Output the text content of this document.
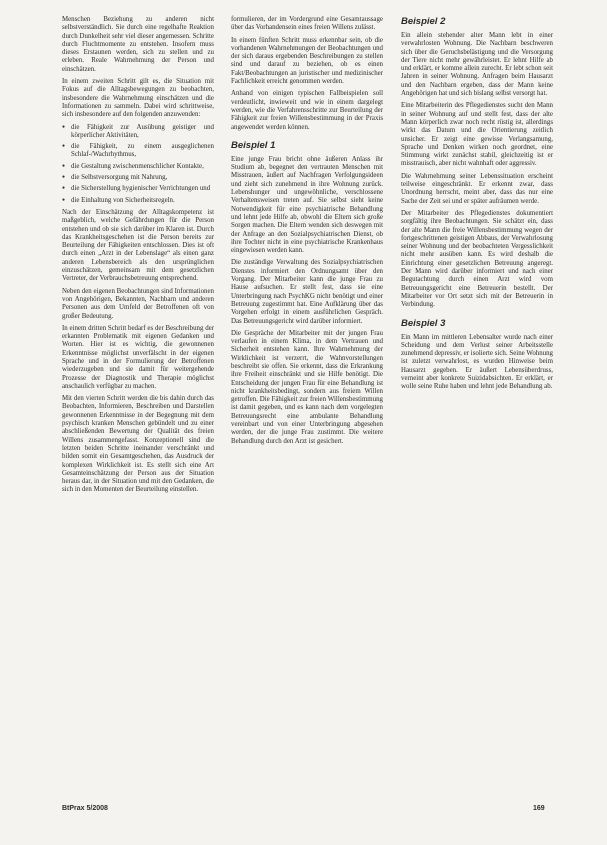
Menschen Beziehung zu anderen nicht selbstverständlich. Sie durch eine regelhafte Reaktion durch Dunkelheit sehr viel dieser angemessen. Schritte durch Fluchtmomente zu entstehen. Insofern muss dieses Erstaunen werden, sich zu stellen und zu erleben. Reale Wahrnehmung der Person und einschätzen.

In einem zweiten Schritt gilt es, die Situation mit Fokus auf die Alltagsbewegungen zu beobachten, insbesondere die Wahrnehmung einschätzen und die Informationen zu sammeln. Dabei wird schrittweise, sich insbesondere auf den folgenden anzuwenden:

● die Fähigkeit zur Ausübung geistiger und körperlicher Aktivitäten,
● die Fähigkeit, zu einem ausgeglichenen Schlaf-/Wachrhythmus,
● die Gestaltung zwischenmenschlicher Kontakte,
● die Selbstversorgung mit Nahrung,
● die Sicherstellung hygienischer Verrichtungen und
● die Einhaltung von Sicherheitsregeln.

Nach der Einschätzung der Alltagskompetenz ist maßgeblich, welche Gefährdungen für die Person entstehen und ob sie sich darüber im Klaren ist. Durch das Krankheitsgeschehen ist die Person bereits zur Beurteilung der Fähigkeiten entschlossen. Dies ist oft durch einen „Arzt in der Lebenslage“ als einen ganz anderen Lebensbereich als den ursprünglichen einzuschätzen, gemeinsam mit dem gesetzlichen Vertreter, der Verbrauchsbetreuung entsprechend.

Neben den eigenen Beobachtungen sind Informationen von Angehörigen, Bekannten, Nachbarn und anderen Personen aus dem Umfeld der Betroffenen oft von großer Bedeutung.

In einem dritten Schritt bedarf es der Beschreibung der erkannten Problematik mit eigenen Gedanken und Worten. Hier ist es wichtig, die gewonnenen Erkenntnisse möglichst unverfälscht in der eigenen Sprache und in der Formulierung der Betroffenen wiederzugeben und sie damit für weitergehende Prozesse der Diagnostik und Therapie möglichst anschaulich verfügbar zu machen.

Mit den vierten Schritt werden die bis dahin durch das Beobachten, Informieren, Beschreiben und Darstellen gewonnenen Erkenntnisse in der Begegnung mit dem psychisch kranken Menschen gebündelt und zu einer abschließenden Bewertung der Qualität des freien Willens zusammengefasst. Konzeptionell sind die letzten beiden Schritte ineinander verschränkt und bilden somit ein Gesamtgeschehen, das Ausdruck der komplexen Wirklichkeit ist. Es stellt sich eine Art Gesamteinschätzung der Person aus der Situation heraus dar, in der Situation und mit den Gedanken, die sich in den Momenten der Beurteilung einstellen.

formulieren, der im Vordergrund eine Gesamtaussage über das Vorhandensein eines freien Willens zulässt.

In einem fünften Schritt muss erkennbar sein, ob die vorhandenen Wahrnehmungen der Beobachtungen und der sich daraus ergebenden Beschreibungen zu stellen sind und darauf zu beziehen, ob es einen Fakt/Beobachtungen an juristischer und medizinischer Fachlichkeit erreicht genommen werden.

Anhand von einigen typischen Fallbeispielen soll verdeutlicht, inwieweit und wie in einem dargelegt werden, wie die Verfahrensschritte zur Beurteilung der Fähigkeit zur freien Willensbestimmung in der Praxis angewendet werden können.

Beispiel 1

Eine junge Frau bricht ohne äußeren Anlass ihr Studium ab, begegnet den vertrauten Menschen mit Misstrauen, äußert auf Nachfragen Verfolgungsideen und zieht sich zunehmend in ihre Wohnung zurück. Lebenshunger und ungewöhnliche, verschlossene Verhaltensweisen treten auf. Sie selbst sieht keine Notwendigkeit für eine psychiatrische Behandlung und lehnt jede Hilfe ab, obwohl die Eltern sich große Sorgen machen. Die Eltern wenden sich deswegen mit der Anfrage an den Sozialpsychiatrischen Dienst, ob ihre Tochter nicht in eine psychiatrische Krankenhaus eingewiesen werden kann.

Die zuständige Verwaltung des Sozialpsychiatrischen Dienstes informiert den Ordnungsamt über den Vorgang. Der Mitarbeiter kann die junge Frau zu Hause aufsuchen. Er stellt fest, dass sie eine Unterbringung nach PsychKG nicht benötigt und einer Betreuung zugestimmt hat. Eine Aufklärung über das Vorgehen erfolgt in einem ausführlichen Gespräch. Das Betreuungsgericht wird darüber informiert.

Die Gespräche der Mitarbeiter mit der jungen Frau verlaufen in einem Klima, in dem Vertrauen und Sicherheit entstehen kann. Ihre Wahrnehmung der Wirklichkeit ist verzerrt, die Wahnvorstellungen beschreibt sie offen. Sie erkennt, dass die Erkrankung ihre Freiheit einschränkt und sie Hilfe benötigt. Die Entscheidung der jungen Frau für eine Behandlung ist nicht krankheitsbedingt, sondern aus freiem Willen getroffen. Die Fähigkeit zur freien Willensbestimmung ist damit gegeben, und es kann nach dem vorgelegten Betreuungsrecht eine ambulante Behandlung vereinbart und von einer Unterbringung abgesehen werden, der die junge Frau zustimmt. Die weitere Behandlung durch den Arzt ist gesichert.

Beispiel 2

Ein allein stehender alter Mann lebt in einer verwahrlosten Wohnung. Die Nachbarn beschweren sich über die Geruchsbelästigung und die Versorgung der Tiere nicht mehr gewährleistet. Er lehnt Hilfe ab und erklärt, er komme allein zurecht. Er lebt schon seit Jahren in seiner Wohnung. Anfragen beim Hausarzt und den Nachbarn ergeben, dass der Mann keine Angehörigen hat und sich bislang selbst versorgt hat.

Eine Mitarbeiterin des Pflegedienstes sucht den Mann in seiner Wohnung auf und stellt fest, dass der alte Mann körperlich zwar noch recht rüstig ist, allerdings wirkt das Datum und die Orientierung zeitlich unsicher. Er zeigt eine gewisse Verlangsamung, Sprache und Denken wirken noch geordnet, eine Stimmung wirkt zunächst stabil, gleichzeitig ist er misstrauisch, aber nicht wahnhaft oder aggressiv.

Die Wahrnehmung seiner Lebenssituation erscheint teilweise eingeschränkt. Er erkennt zwar, dass Unordnung herrscht, meint aber, dass das nur eine Sache der Zeit sei und er später aufräumen werde.

Der Mitarbeiter des Pflegedienstes dokumentiert sorgfältig ihre Beobachtungen. Sie schätzt ein, dass der alte Mann die freie Willensbestimmung wegen der fortgeschrittenen geistigen Abbaus, der Verwahrlosung seiner Wohnung und der beobachteten Vergesslichkeit nicht mehr ausüben kann. Es wird deshalb die Einrichtung einer gesetzlichen Betreuung angeregt. Der Mann wird darüber informiert und nach einer Begutachtung durch einen Arzt wird vom Betreuungsgericht eine Betreuerin bestellt. Der Mitarbeiter vor Ort setzt sich mit der Betreuerin in Verbindung.

Beispiel 3

Ein Mann im mittleren Lebensalter wurde nach einer Scheidung und dem Verlust seiner Arbeitsstelle zunehmend depressiv, er isolierte sich. Seine Wohnung ist zuletzt verwahrlost, es wurden Hinweise beim Hausarzt gegeben. Er äußert Lebensüberdruss, verneint aber konkrete Suizidabsichten. Er erklärt, er wolle seine Ruhe haben und lehnt jede Behandlung ab.

BtPrax 5/2008	169
